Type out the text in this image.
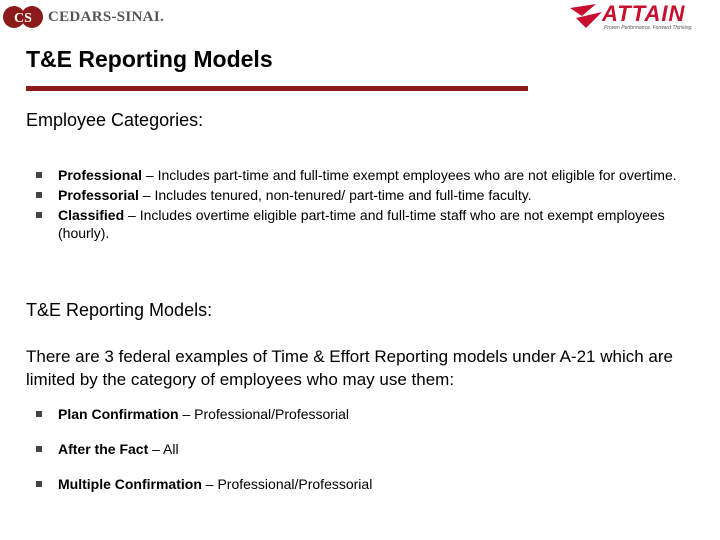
CS CEDARS-SINAI.	ATTAIN
Proven Performance. Forward Thinking.
T&E Reporting Models
Employee Categories:
Professional – Includes part-time and full-time exempt employees who are not eligible for overtime.
Professorial – Includes tenured, non-tenured/ part-time and full-time faculty.
Classified – Includes overtime eligible part-time and full-time staff who are not exempt employees (hourly).
T&E Reporting Models:
There are 3 federal examples of Time & Effort Reporting models under A-21 which are limited by the category of employees who may use them:
Plan Confirmation – Professional/Professorial
After the Fact – All
Multiple Confirmation – Professional/Professorial
